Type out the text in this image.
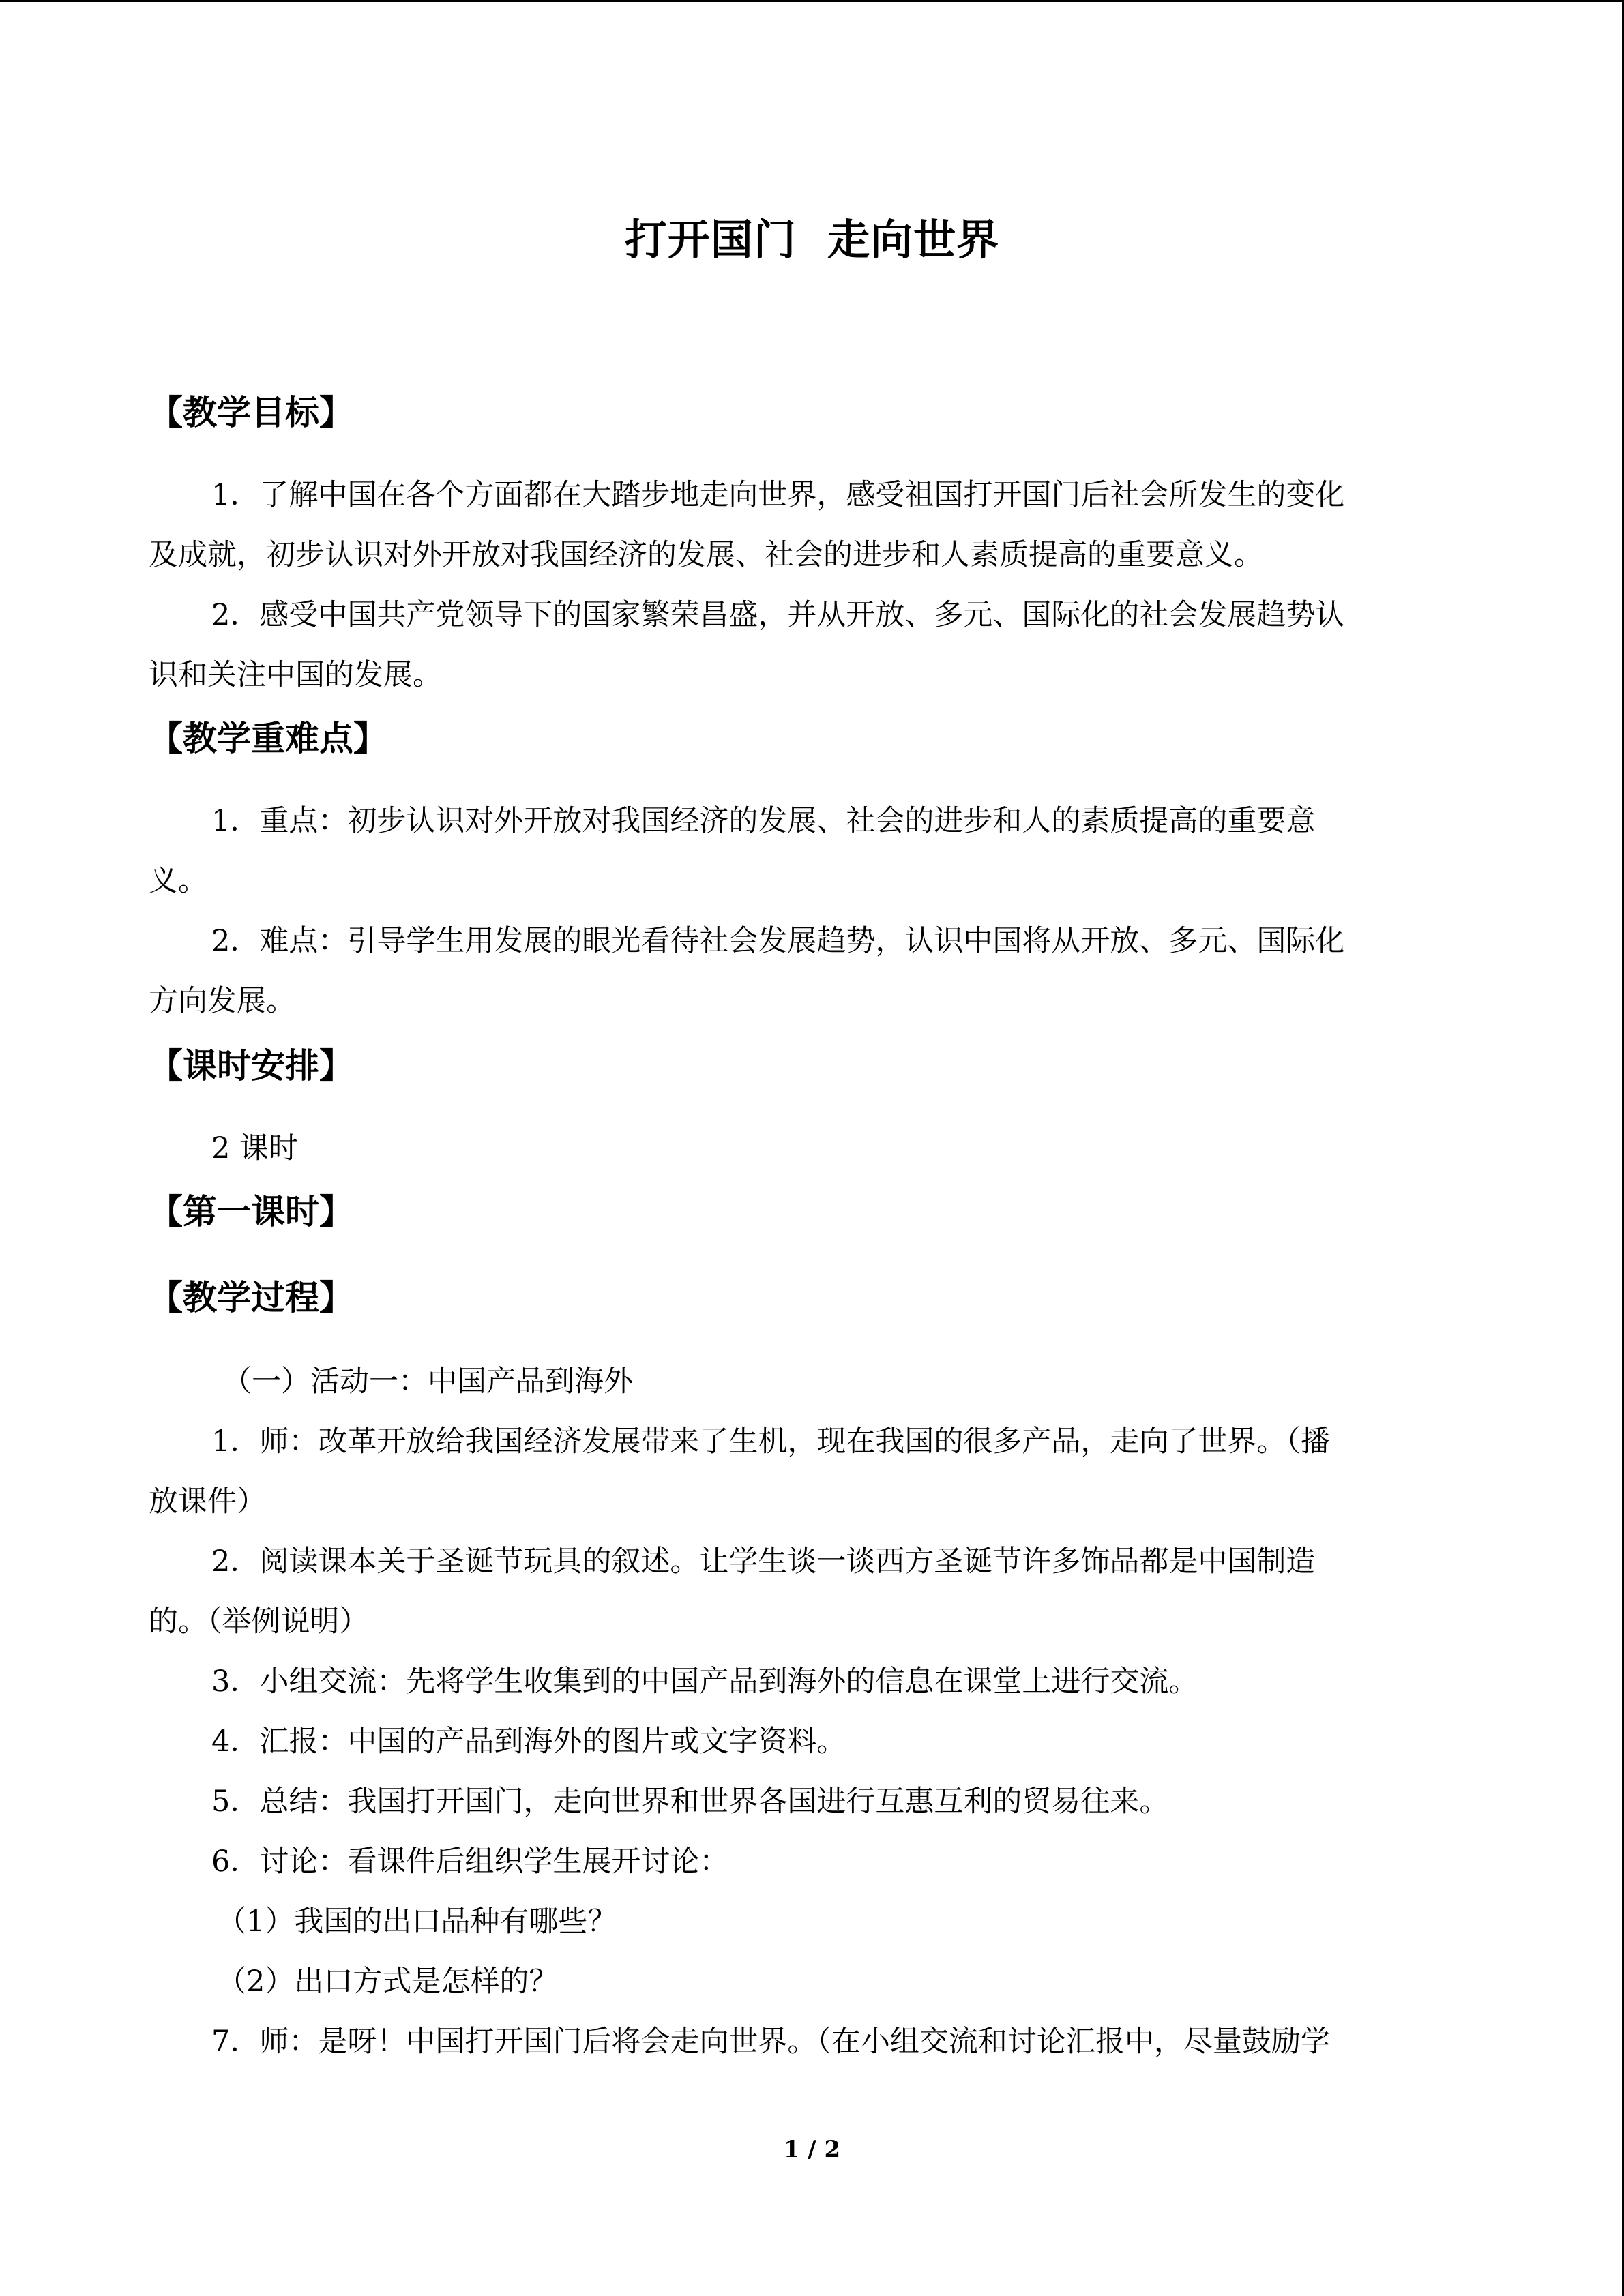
打开国门  走向世界
【教学目标】
1．了解中国在各个方面都在大踏步地走向世界，感受祖国打开国门后社会所发生的变化
及成就，初步认识对外开放对我国经济的发展、社会的进步和人素质提高的重要意义。
2．感受中国共产党领导下的国家繁荣昌盛，并从开放、多元、国际化的社会发展趋势认
识和关注中国的发展。
【教学重难点】
1．重点：初步认识对外开放对我国经济的发展、社会的进步和人的素质提高的重要意
义。
2．难点：引导学生用发展的眼光看待社会发展趋势，认识中国将从开放、多元、国际化
方向发展。
【课时安排】
2 课时
【第一课时】
【教学过程】
（一）活动一：中国产品到海外
1．师：改革开放给我国经济发展带来了生机，现在我国的很多产品，走向了世界。（播
放课件）
2．阅读课本关于圣诞节玩具的叙述。让学生谈一谈西方圣诞节许多饰品都是中国制造
的。（举例说明）
3．小组交流：先将学生收集到的中国产品到海外的信息在课堂上进行交流。
4．汇报：中国的产品到海外的图片或文字资料。
5．总结：我国打开国门，走向世界和世界各国进行互惠互利的贸易往来。
6．讨论：看课件后组织学生展开讨论：
（1）我国的出口品种有哪些？
（2）出口方式是怎样的？
7．师：是呀！中国打开国门后将会走向世界。（在小组交流和讨论汇报中，尽量鼓励学
1 / 2
